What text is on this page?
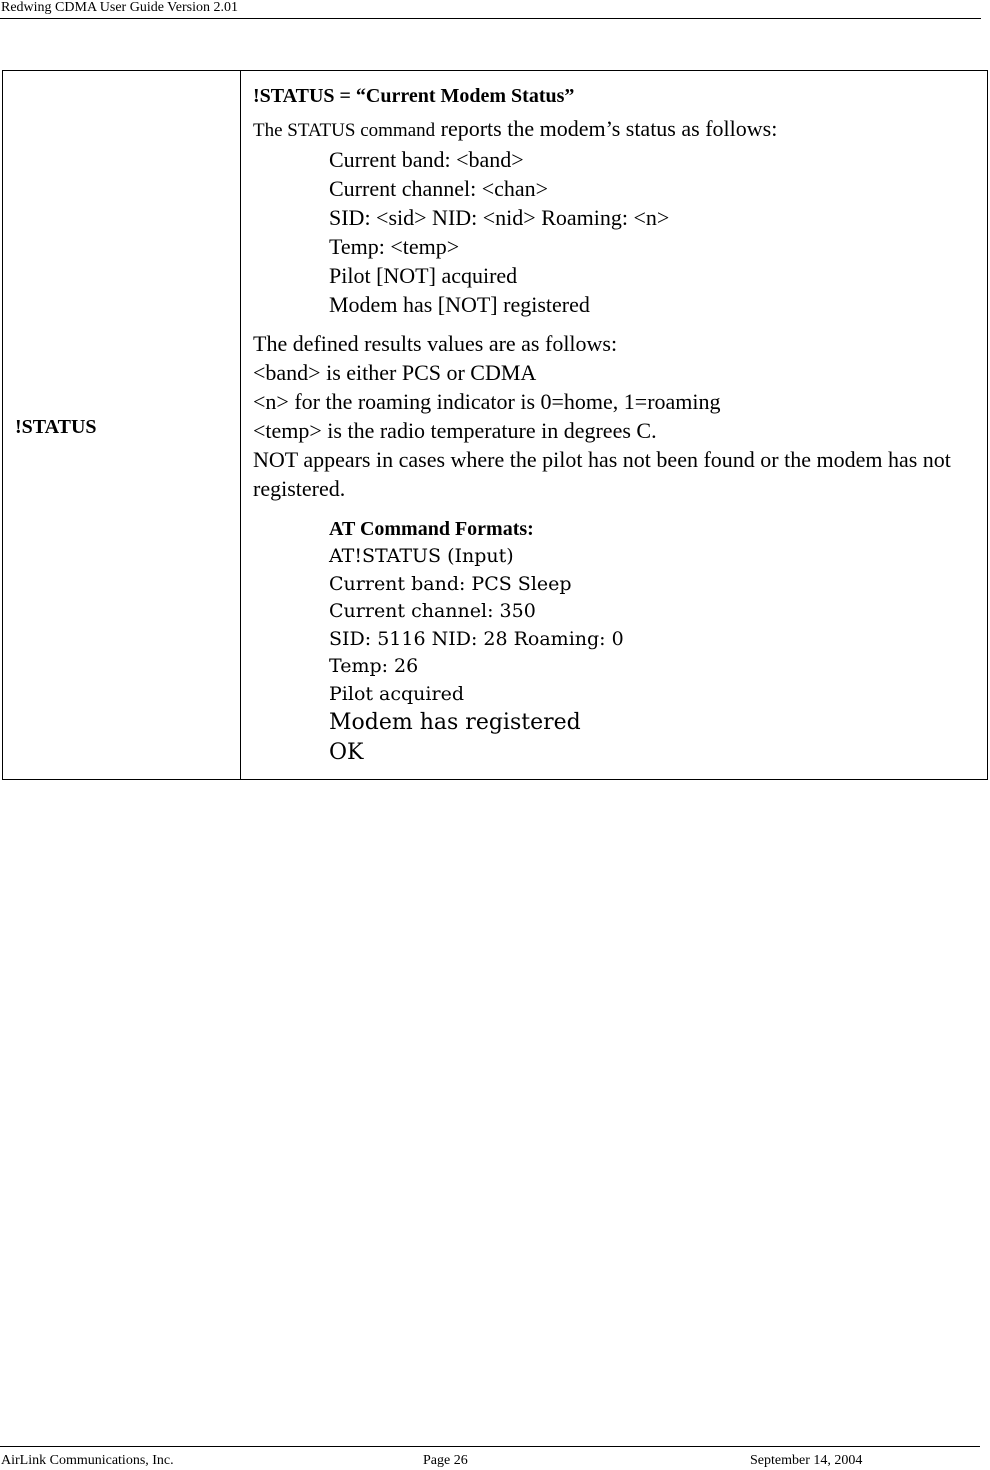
Redwing CDMA User Guide Version 2.01
!STATUS

!STATUS = “Current Modem Status”

The STATUS command reports the modem’s status as follows:

Current band: <band>

Current channel: <chan>

SID: <sid> NID: <nid> Roaming: <n>

Temp: <temp>

Pilot [NOT] acquired

Modem has [NOT] registered

The defined results values are as follows:

<band> is either PCS or CDMA

<n> for the roaming indicator is 0=home, 1=roaming

<temp> is the radio temperature in degrees C.

NOT appears in cases where the pilot has not been found or the modem has not registered.

AT Command Formats:

AT!STATUS (Input)

Current band: PCS Sleep

Current channel: 350

SID: 5116 NID: 28 Roaming: 0

Temp: 26

Pilot acquired

Modem has registered

OK

AirLink Communications, Inc.	Page 26	September 14, 2004
